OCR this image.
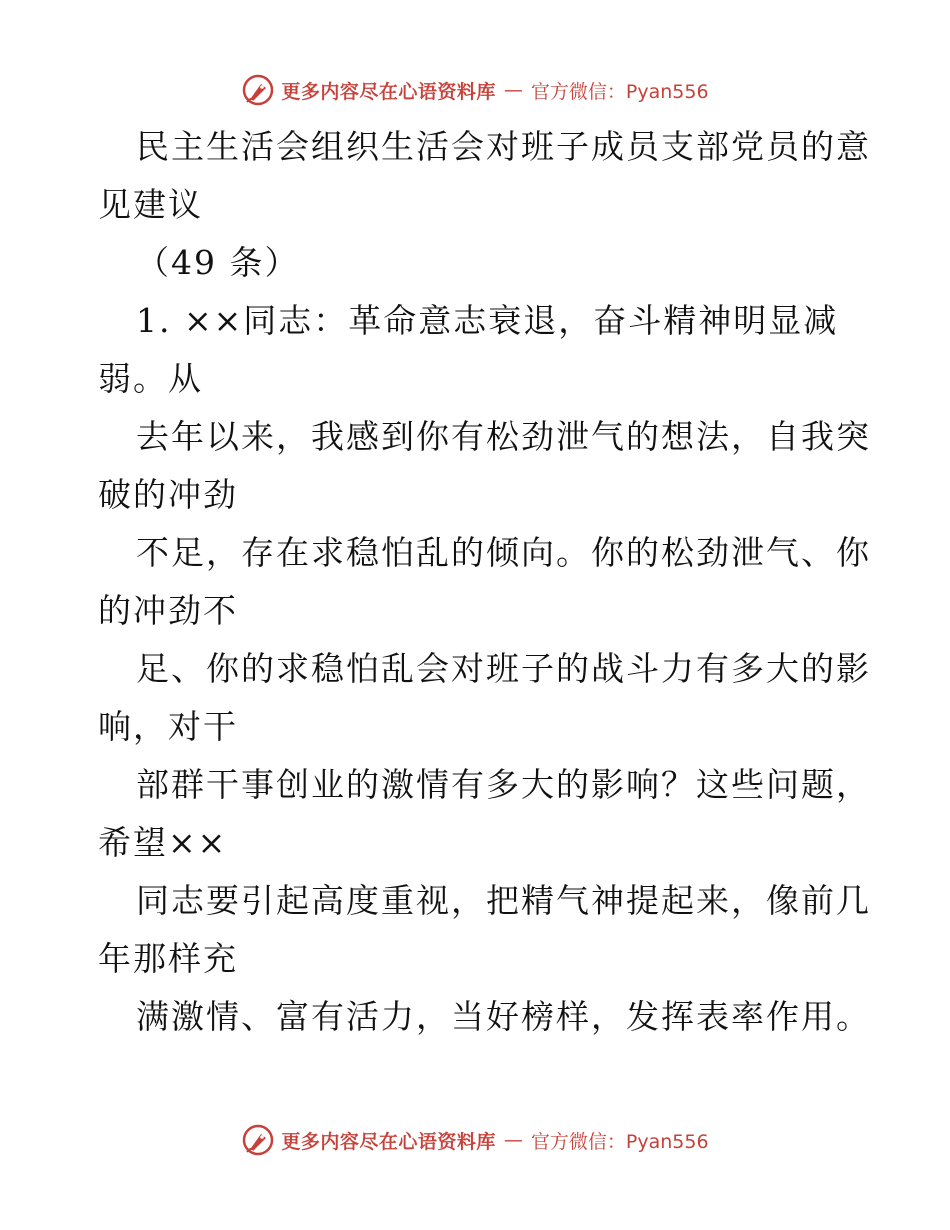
更多内容尽在心语资料库 — 官方微信：Pyan556
民主生活会组织生活会对班子成员支部党员的意
见建议
（49 条）
1. ××同志：革命意志衰退，奋斗精神明显减
弱。从
去年以来，我感到你有松劲泄气的想法，自我突
破的冲劲
不足，存在求稳怕乱的倾向。你的松劲泄气、你
的冲劲不
足、你的求稳怕乱会对班子的战斗力有多大的影
响，对干
部群干事创业的激情有多大的影响？这些问题，
希望××
同志要引起高度重视，把精气神提起来，像前几
年那样充
满激情、富有活力，当好榜样，发挥表率作用。
更多内容尽在心语资料库 — 官方微信：Pyan556
